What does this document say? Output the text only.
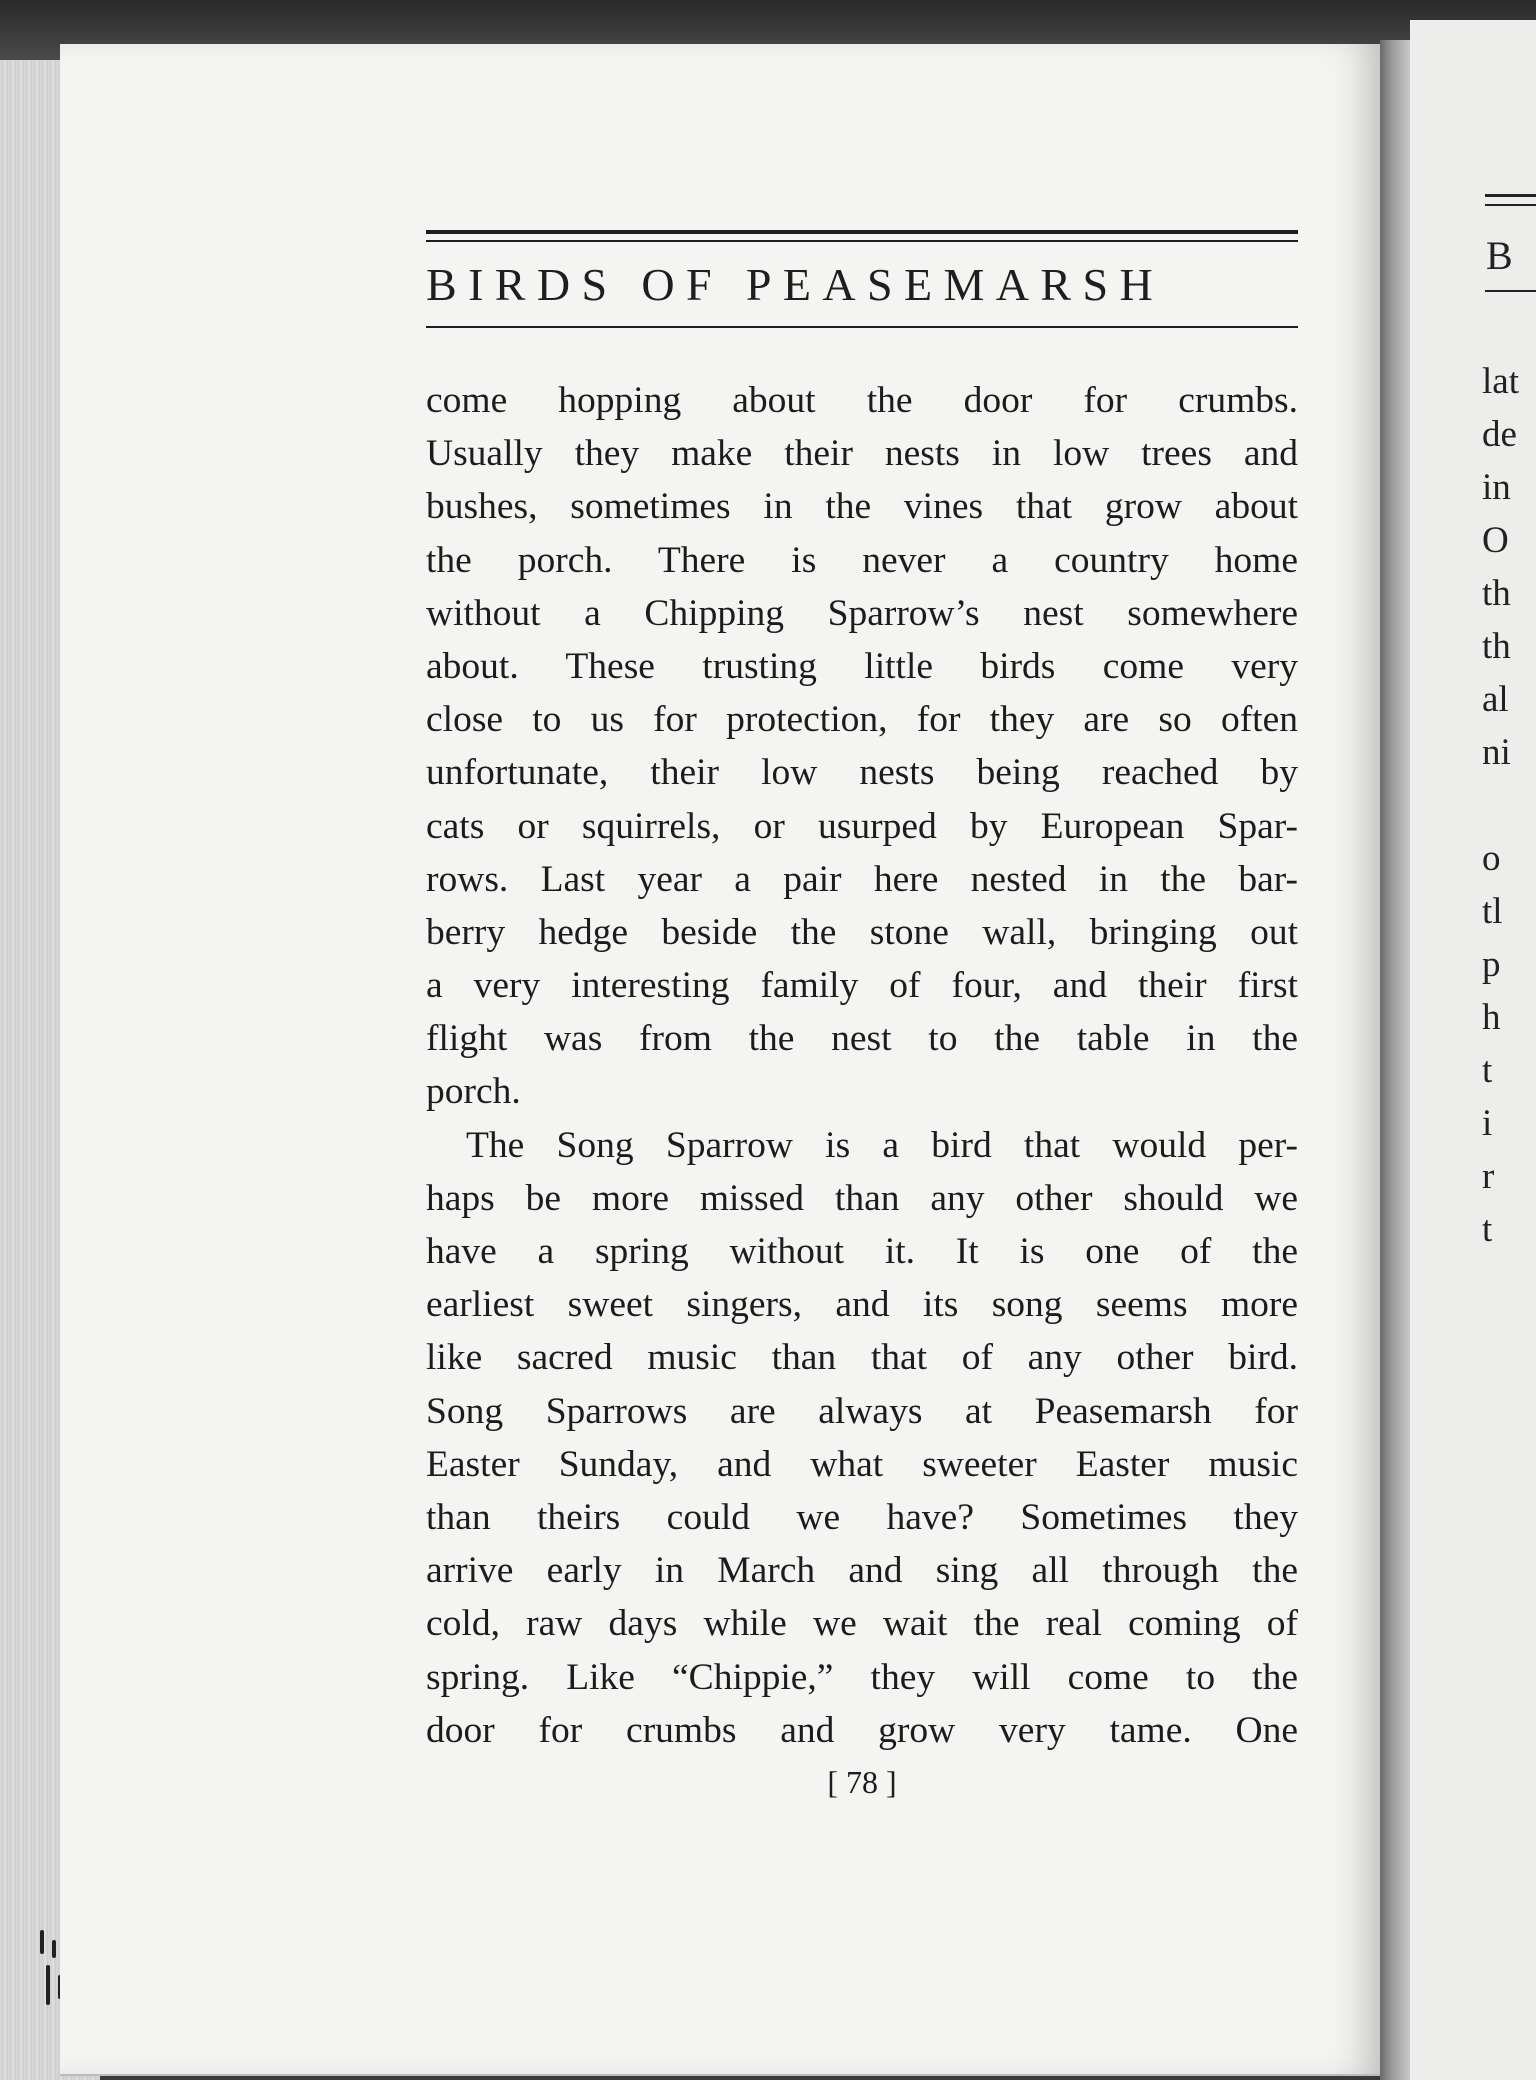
B
lat
de
in
O
th
th
al
ni
o
tl
p
h
t
i
r
t
BIRDS OF PEASEMARSH
come hopping about the door for crumbs.
Usually they make their nests in low trees and
bushes, sometimes in the vines that grow about
the porch. There is never a country home
without a Chipping Sparrow’s nest somewhere
about. These trusting little birds come very
close to us for protection, for they are so often
unfortunate, their low nests being reached by
cats or squirrels, or usurped by European Spar-
rows. Last year a pair here nested in the bar-
berry hedge beside the stone wall, bringing out
a very interesting family of four, and their first
flight was from the nest to the table in the
porch.
The Song Sparrow is a bird that would per-
haps be more missed than any other should we
have a spring without it. It is one of the
earliest sweet singers, and its song seems more
like sacred music than that of any other bird.
Song Sparrows are always at Peasemarsh for
Easter Sunday, and what sweeter Easter music
than theirs could we have? Sometimes they
arrive early in March and sing all through the
cold, raw days while we wait the real coming of
spring. Like “Chippie,” they will come to the
door for crumbs and grow very tame. One
[ 78 ]
